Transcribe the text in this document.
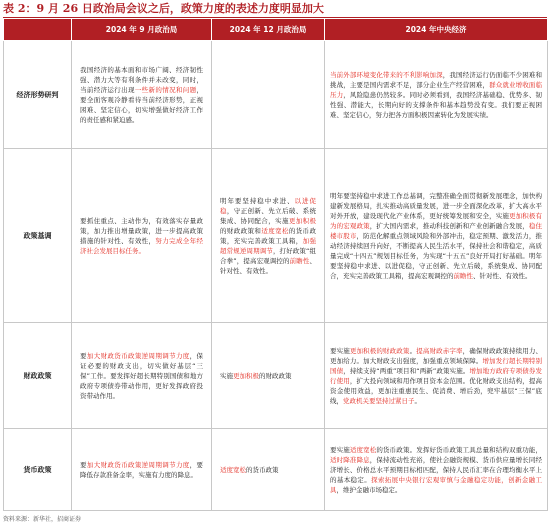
表 2：9 月 26 日政治局会议之后，政策力度的表述力度明显加大
	2024 年 9 月政治局	2024 年 12 月政治局	2024 年中央经济
经济形势研判	我国经济的基本面和市场广阔、经济韧性强、潜力大等有利条件并未改变，同时，当前经济运行出现一些新的情况和问题，要全面客观冷静看待当前经济形势，正视困难、坚定信心，切实增强做好经济工作的责任感和紧迫感。		当前外部环境变化带来的不利影响加深，我国经济运行仍面临不少困难和挑战，主要是国内需求不足，部分企业生产经营困难，群众就业增收面临压力，风险隐患仍然较多。同时必须看到，我国经济基础稳、优势多、韧性强、潜能大，长期向好的支撑条件和基本趋势没有变。我们要正视困难、坚定信心，努力把各方面积极因素转化为发展实绩。
政策基调	要抓住重点、主动作为，有效落实存量政策，加力推出增量政策，进一步提高政策措施的针对性、有效性，努力完成全年经济社会发展目标任务。	明年要坚持稳中求进、以进促稳，守正创新、先立后破、系统集成、协同配合，实施更加积极的财政政策和适度宽松的货币政策，充实完善政策工具箱，加强超常规逆周期调节，打好政策“组合拳”，提高宏观调控的前瞻性、针对性、有效性。	明年要坚持稳中求进工作总基调，完整准确全面贯彻新发展理念，加快构建新发展格局，扎实推动高质量发展，进一步全面深化改革，扩大高水平对外开放，建设现代化产业体系，更好统筹发展和安全，实施更加积极有为的宏观政策，扩大国内需求，推动科技创新和产业创新融合发展，稳住楼市股市，防范化解重点领域风险和外部冲击，稳定预期、激发活力，推动经济持续回升向好，不断提高人民生活水平，保持社会和谐稳定，高质量完成“十四五”规划目标任务，为实现“十五五”良好开局打好基础。明年要坚持稳中求进、以进促稳，守正创新、先立后破，系统集成、协同配合，充实完善政策工具箱，提高宏观调控的前瞻性、针对性、有效性。
财政政策	要加大财政货币政策逆周期调节力度，保证必要的财政支出，切实做好基层“三保”工作。要发挥好超长期特别国债和地方政府专项债券带动作用，更好发挥政府投资带动作用。	实施更加积极的财政政策	要实施更加积极的财政政策。提高财政赤字率，确保财政政策持续用力、更加给力。加大财政支出强度，加强重点领域保障。增加发行超长期特别国债，持续支持“两重”项目和“两新”政策实施。增加地方政府专项债券发行使用，扩大投向领域和用作项目资本金范围。优化财政支出结构，提高资金使用效益，更加注重惠民生、促消费、增后劲，兜牢基层“三保”底线，党政机关要坚持过紧日子。
货币政策	要加大财政货币政策逆周期调节力度，要降低存款准备金率，实施有力度的降息。	适度宽松的货币政策	要实施适度宽松的货币政策。发挥好货币政策工具总量和结构双重功能，适时降准降息，保持流动性充裕，使社会融资规模、货币供应量增长同经济增长、价格总水平预期目标相匹配，保持人民币汇率在合理均衡水平上的基本稳定。探索拓展中央银行宏观审慎与金融稳定功能，创新金融工具，维护金融市场稳定。
资料来源：新华社，招商证券
